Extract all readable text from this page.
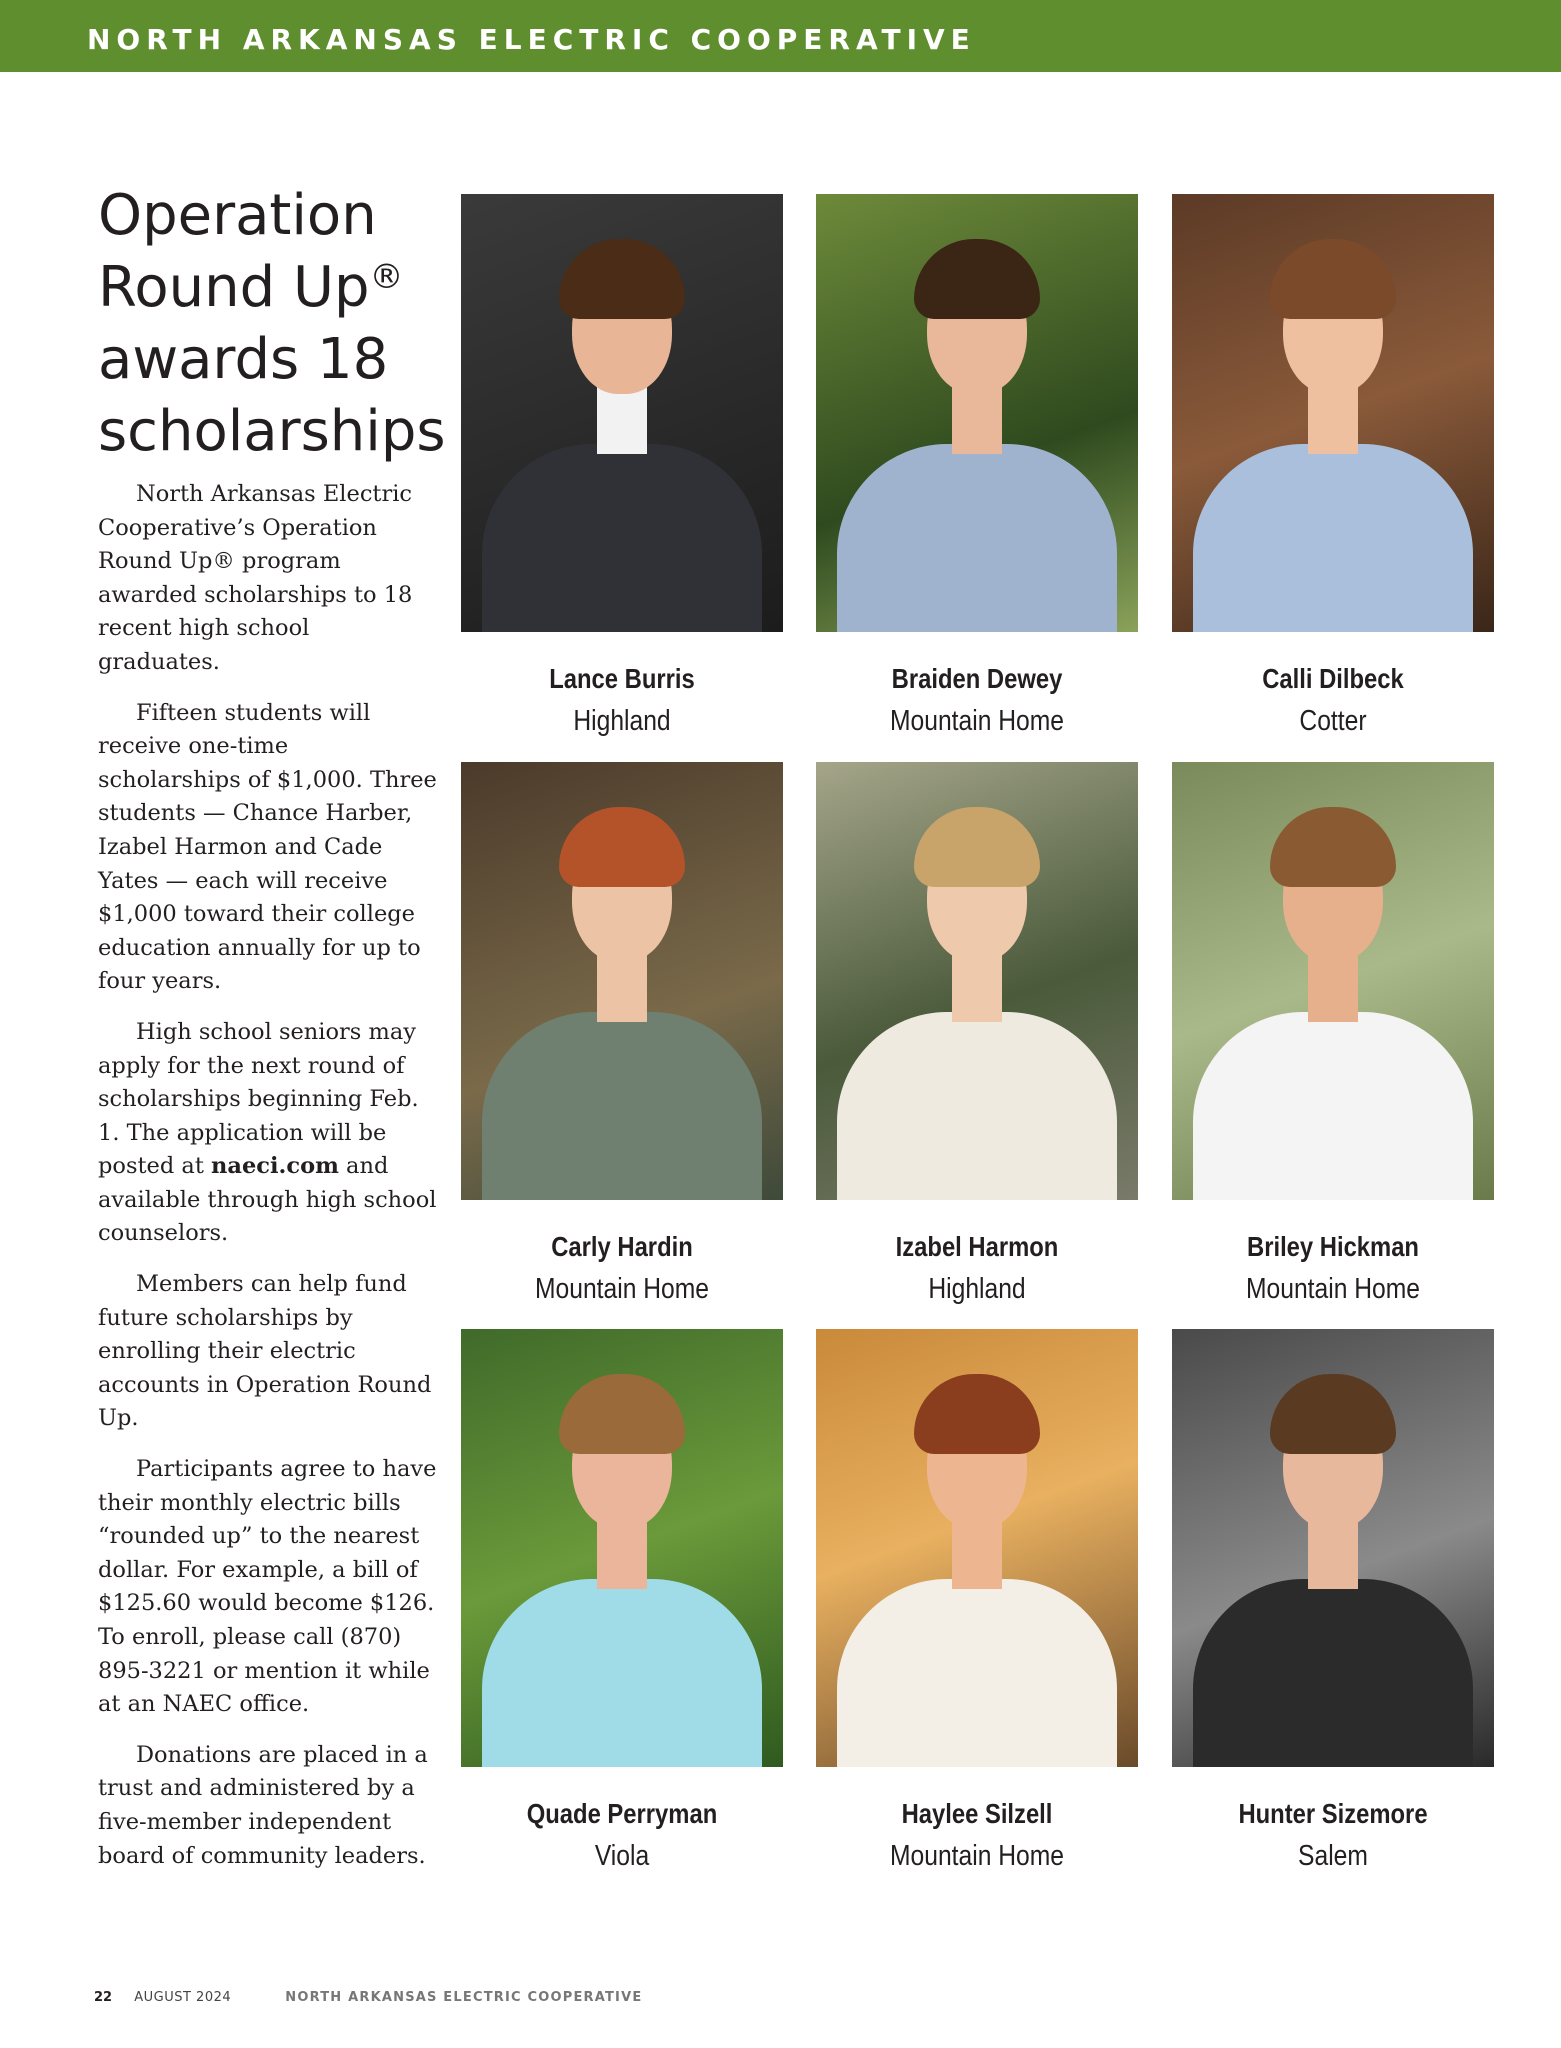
NORTH ARKANSAS ELECTRIC COOPERATIVE
Operation
Round Up®
awards 18
scholarships

North Arkansas Electric Cooperative’s Operation Round Up® program awarded scholarships to 18 recent high school graduates.

Fifteen students will receive one-time scholarships of $1,000. Three students — Chance Harber, Izabel Harmon and Cade Yates — each will receive $1,000 toward their college education annually for up to four years.

High school seniors may apply for the next round of scholarships beginning Feb. 1. The application will be posted at naeci.com and available through high school counselors.

Members can help fund future scholarships by enrolling their electric accounts in Operation Round Up.

Participants agree to have their monthly electric bills “rounded up” to the nearest dollar. For example, a bill of $125.60 would become $126. To enroll, please call (870) 895-3221 or mention it while at an NAEC office.

Donations are placed in a trust and administered by a five-member independent board of community leaders.

Lance Burris
Highland
Braiden Dewey
Mountain Home
Calli Dilbeck
Cotter
Carly Hardin
Mountain Home
Izabel Harmon
Highland
Briley Hickman
Mountain Home
Quade Perryman
Viola
Haylee Silzell
Mountain Home
Hunter Sizemore
Salem
22 AUGUST 2024	NORTH ARKANSAS ELECTRIC COOPERATIVE
